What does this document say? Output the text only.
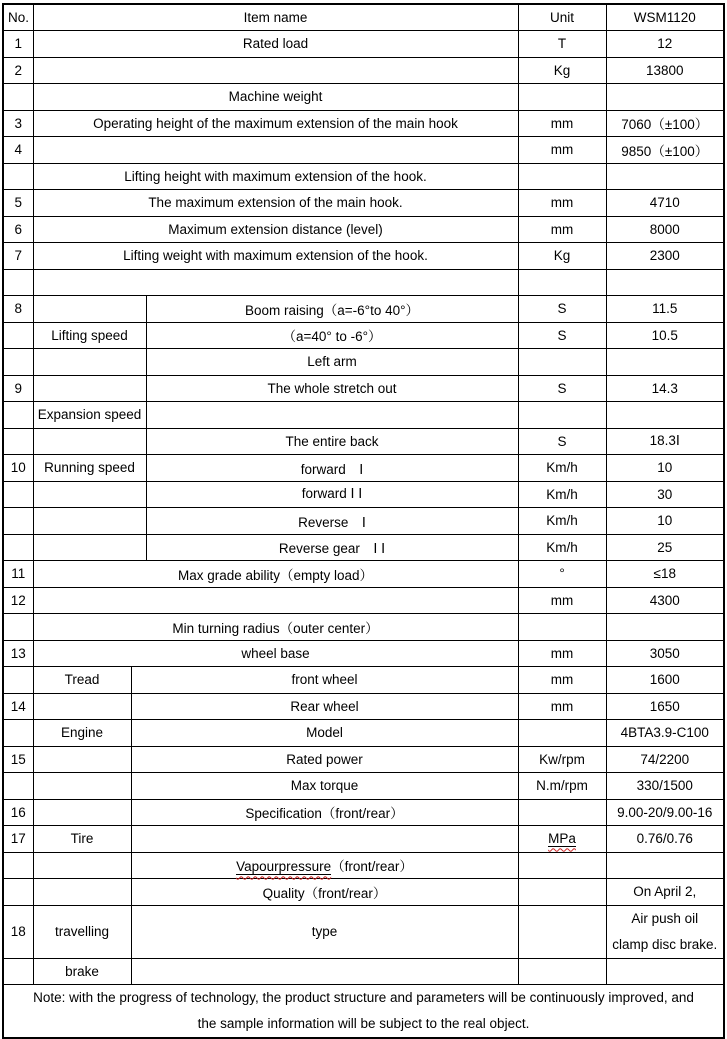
No.	Item name			Unit	WSM1120
1	Rated load			T	12
2				Kg	13800
	Machine weight				
3	Operating height of the maximum extension of the main hook			mm	7060（±100）
4				mm	9850（±100）
	Lifting height with maximum extension of the hook.				
5	The maximum extension of the main hook.			mm	4710
6	Maximum extension distance (level)			mm	8000
7	Lifting weight with maximum extension of the hook.			Kg	2300

8			Boom raising（a=-6°to 40°）	S	11.5
	Lifting speed		（a=40° to -6°）	S	10.5
			Left arm		
9			The whole stretch out	S	14.3
	Expansion speed				
			The entire back	S	18.3Ⅰ
10	Running speed		forward　Ⅰ	Km/h	10
			forward Ⅰ Ⅰ	Km/h	30
			Reverse　Ⅰ	Km/h	10
			Reverse gear　Ⅰ Ⅰ	Km/h	25
11	Max grade ability（empty load）			°	≤18
12				mm	4300
	Min turning radius（outer center）				
13	wheel base			mm	3050
	Tread	front wheel		mm	1600
14		Rear wheel		mm	1650
	Engine	Model			4BTA3.9-C100
15		Rated power		Kw/rpm	74/2200
		Max torque		N.m/rpm	330/1500
16		Specification（front/rear）			9.00-20/9.00-16
17	Tire			MPa	0.76/0.76
		Vapourpressure（front/rear）			
		Quality（front/rear）			On April 2,
18	travelling	type			Air push oil
clamp disc brake.

	brake				

Note: with the progress of technology, the product structure and parameters will be continuously improved, and
the sample information will be subject to the real object.					
